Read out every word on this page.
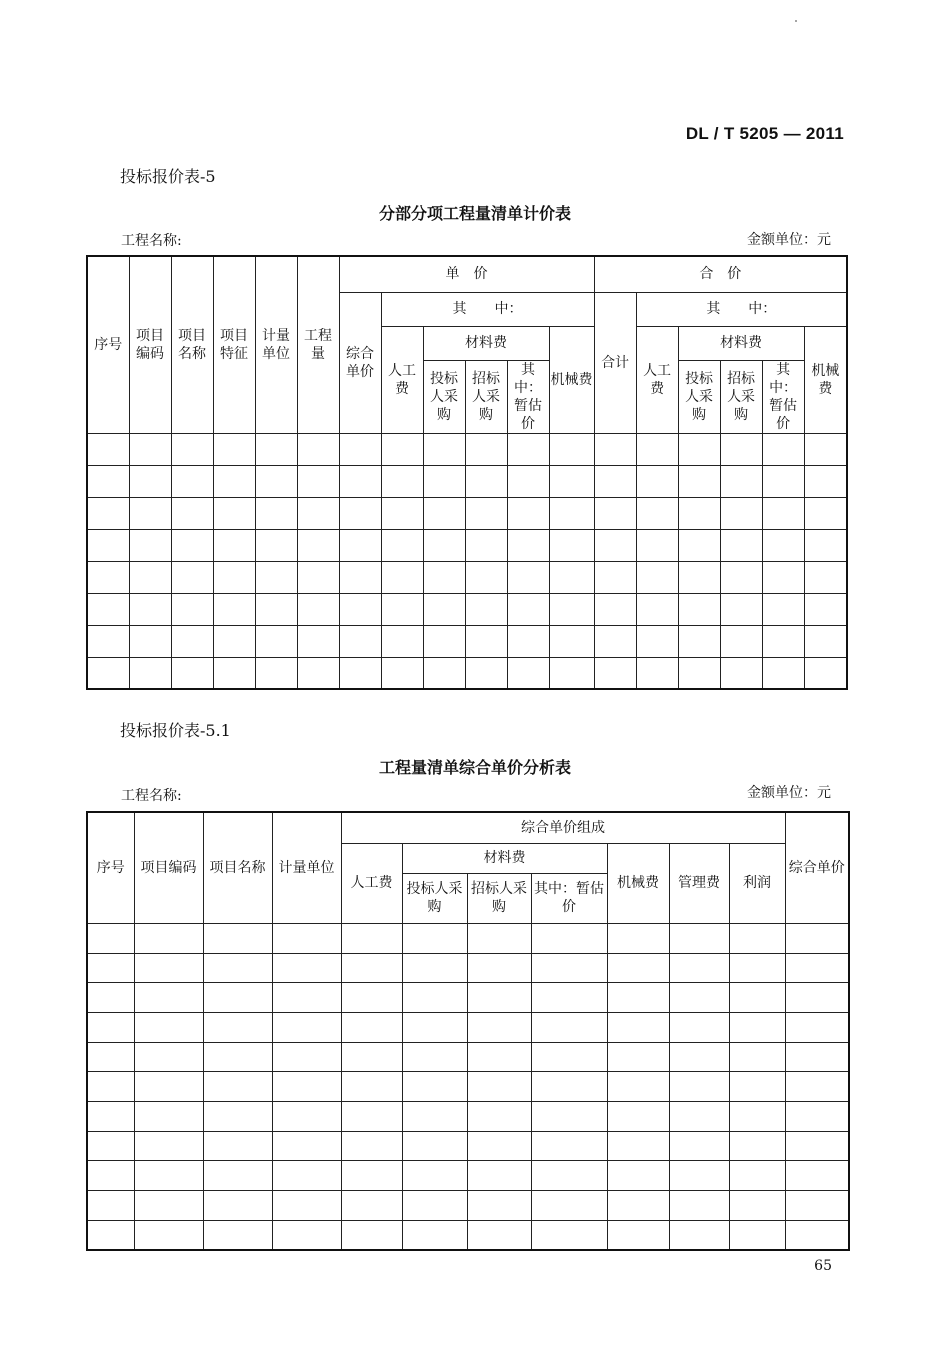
DL / T 5205 — 2011
投标报价表-5
分部分项工程量清单计价表
工程名称:	金额单位：元
序号	项目编码	项目名称	项目特征	计量单位	工程量	单　价						合　价					
						综合单价	其　　中：					合计	其　　中：				
							人工费	材料费			机械费		人工费	材料费			机械费
								投标人采购	招标人采购	其中：暂估价				投标人采购	招标人采购	其中：暂估价	

投标报价表-5.1
工程量清单综合单价分析表
工程名称:	金额单位：元
序号	项目编码	项目名称	计量单位	综合单价组成							综合单价
				人工费	材料费			机械费	管理费	利润	
					投标人采购	招标人采购	其中：暂估价				

65
